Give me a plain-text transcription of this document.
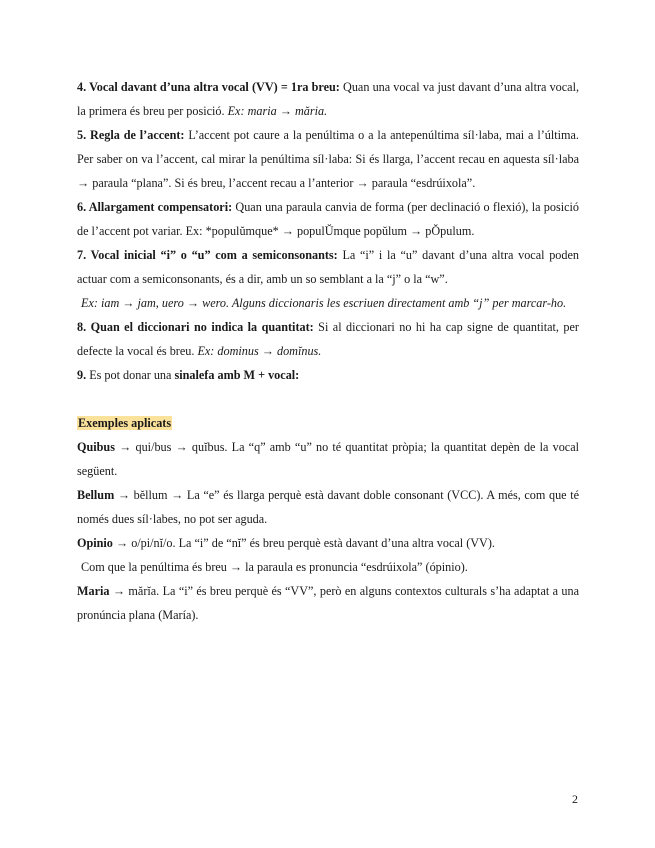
4. Vocal davant d’una altra vocal (VV) = 1ra breu: Quan una vocal va just davant d’una altra vocal, la primera és breu per posició. Ex: maria → măria.

5. Regla de l’accent: L’accent pot caure a la penúltima o a la antepenúltima síl·laba, mai a l’última. Per saber on va l’accent, cal mirar la penúltima síl·laba: Si és llarga, l’accent recau en aquesta síl·laba → paraula “plana”. Si és breu, l’accent recau a l’anterior → paraula “esdrúixola”.

6. Allargament compensatori: Quan una paraula canvia de forma (per declinació o flexió), la posició de l’accent pot variar. Ex: *populŭmque* → populŬmque popŭlum → pŎpulum.

7. Vocal inicial “i” o “u” com a semiconsonants: La “i” i la “u” davant d’una altra vocal poden actuar com a semiconsonants, és a dir, amb un so semblant a la “j” o la “w”.

Ex: iam → jam, uero → wero. Alguns diccionaris les escriuen directament amb “j” per marcar-ho.

8. Quan el diccionari no indica la quantitat: Si al diccionari no hi ha cap signe de quantitat, per defecte la vocal és breu. Ex: dominus → domĭnus.

9. Es pot donar una sinalefa amb M + vocal:

Exemples aplicats

Quibus → qui/bus → quĭbus. La “q” amb “u” no té quantitat pròpia; la quantitat depèn de la vocal següent.

Bellum → bĕllum → La “e” és llarga perquè està davant doble consonant (VCC). A més, com que té només dues síl·labes, no pot ser aguda.

Opinio → o/pi/nĭ/o. La “i” de “nĭ” és breu perquè està davant d’una altra vocal (VV).

Com que la penúltima és breu → la paraula es pronuncia “esdrúixola” (ópinio).

Maria → mărĭa. La “i” és breu perquè és “VV”, però en alguns contextos culturals s’ha adaptat a una pronúncia plana (María).

2
